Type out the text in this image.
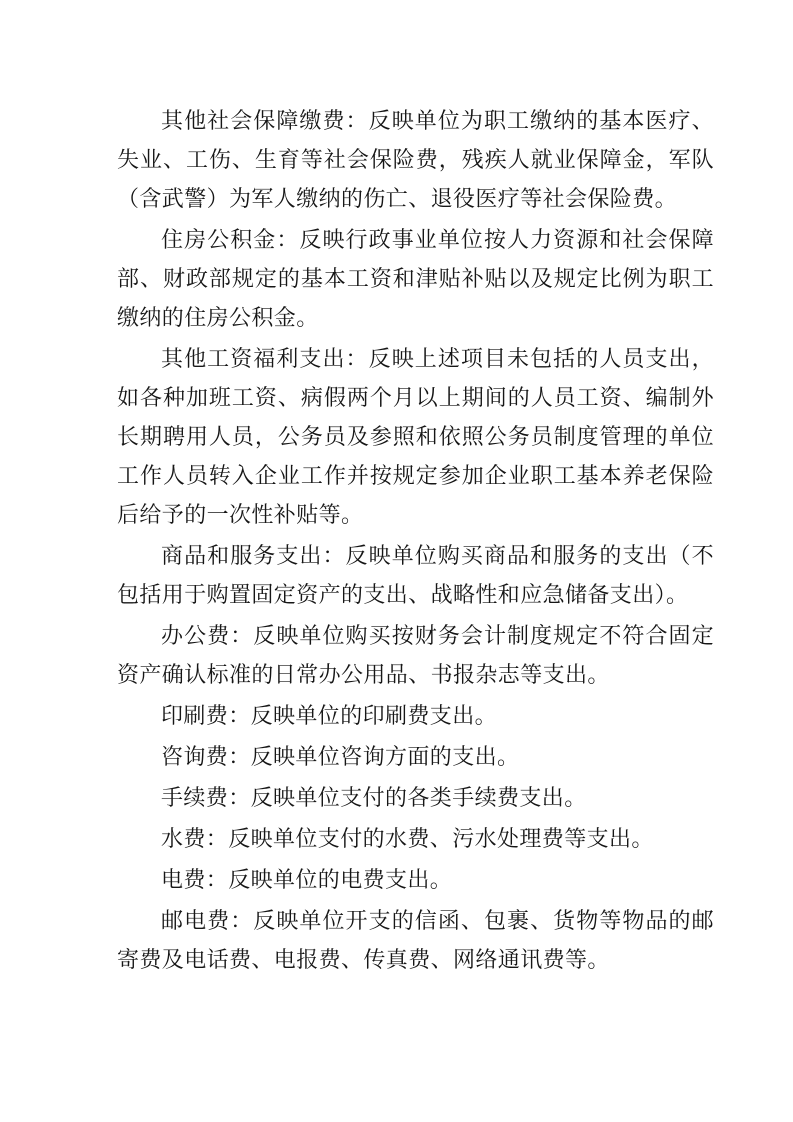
其他社会保障缴费：反映单位为职工缴纳的基本医疗、失业、工伤、生育等社会保险费，残疾人就业保障金，军队（含武警）为军人缴纳的伤亡、退役医疗等社会保险费。

住房公积金：反映行政事业单位按人力资源和社会保障部、财政部规定的基本工资和津贴补贴以及规定比例为职工缴纳的住房公积金。

其他工资福利支出：反映上述项目未包括的人员支出，如各种加班工资、病假两个月以上期间的人员工资、编制外长期聘用人员，公务员及参照和依照公务员制度管理的单位工作人员转入企业工作并按规定参加企业职工基本养老保险后给予的一次性补贴等。

商品和服务支出：反映单位购买商品和服务的支出（不包括用于购置固定资产的支出、战略性和应急储备支出）。

办公费：反映单位购买按财务会计制度规定不符合固定资产确认标准的日常办公用品、书报杂志等支出。

印刷费：反映单位的印刷费支出。

咨询费：反映单位咨询方面的支出。

手续费：反映单位支付的各类手续费支出。

水费：反映单位支付的水费、污水处理费等支出。

电费：反映单位的电费支出。

邮电费：反映单位开支的信函、包裹、货物等物品的邮寄费及电话费、电报费、传真费、网络通讯费等。
